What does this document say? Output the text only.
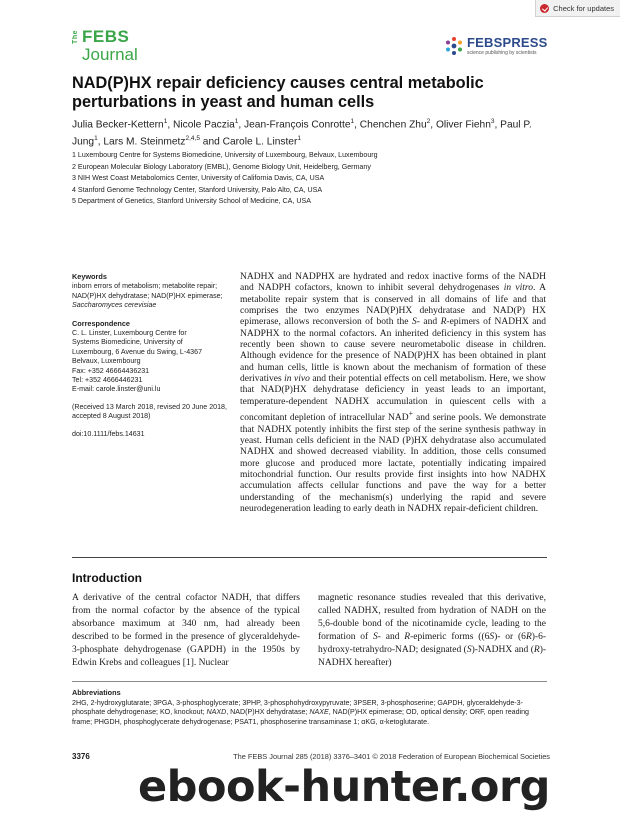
Check for updates
The FEBS
Journal
FEBSPRESS
science publishing by scientists
NAD(P)HX repair deficiency causes central metabolic perturbations in yeast and human cells
Julia Becker-Kettern$^1$, Nicole Paczia$^1$, Jean-François Conrotte$^1$, Chenchen Zhu$^2$, Oliver Fiehn$^3$, Paul P. Jung$^1$, Lars M. Steinmetz$^{2,4,5}$ and Carole L. Linster$^1$
1 Luxembourg Centre for Systems Biomedicine, University of Luxembourg, Belvaux, Luxembourg
2 European Molecular Biology Laboratory (EMBL), Genome Biology Unit, Heidelberg, Germany
3 NIH West Coast Metabolomics Center, University of California Davis, CA, USA
4 Stanford Genome Technology Center, Stanford University, Palo Alto, CA, USA
5 Department of Genetics, Stanford University School of Medicine, CA, USA
Keywords

inborn errors of metabolism; metabolite repair; NAD(P)HX dehydratase; NAD(P)HX epimerase; Saccharomyces cerevisiae

Correspondence
C. L. Linster, Luxembourg Centre for
Systems Biomedicine, University of
Luxembourg, 6 Avenue du Swing, L-4367
Belvaux, Luxembourg
Fax: +352 46664436231
Tel: +352 4666446231
E-mail: carole.linster@uni.lu

(Received 13 March 2018, revised 20 June 2018, accepted 8 August 2018)

doi:10.1111/febs.14631

NADHX and NADPHX are hydrated and redox inactive forms of the NADH and NADPH cofactors, known to inhibit several dehydrogenases in vitro. A metabolite repair system that is conserved in all domains of life and that comprises the two enzymes NAD(P)HX dehydratase and NAD(P) HX epimerase, allows reconversion of both the S- and R-epimers of NADHX and NADPHX to the normal cofactors. An inherited deficiency in this system has recently been shown to cause severe neurometabolic disease in children. Although evidence for the presence of NAD(P)HX has been obtained in plant and human cells, little is known about the mechanism of formation of these derivatives in vivo and their potential effects on cell metabolism. Here, we show that NAD(P)HX dehydratase deficiency in yeast leads to an important, temperature-dependent NADHX accumulation in quiescent cells with a concomitant depletion of intracellular NAD+ and serine pools. We demonstrate that NADHX potently inhibits the first step of the serine synthesis pathway in yeast. Human cells deficient in the NAD (P)HX dehydratase also accumulated NADHX and showed decreased viability. In addition, those cells consumed more glucose and produced more lactate, potentially indicating impaired mitochondrial function. Our results provide first insights into how NADHX accumulation affects cellular functions and pave the way for a better understanding of the mechanism(s) underlying the rapid and severe neurodegeneration leading to early death in NADHX repair-deficient children.

Introduction

A derivative of the central cofactor NADH, that differs from the normal cofactor by the absence of the typical absorbance maximum at 340 nm, had already been described to be formed in the presence of glyceraldehyde-3-phosphate dehydrogenase (GAPDH) in the 1950s by Edwin Krebs and colleagues [1]. Nuclear

magnetic resonance studies revealed that this derivative, called NADHX, resulted from hydration of NADH on the 5,6-double bond of the nicotinamide cycle, leading to the formation of S- and R-epimeric forms ((6S)- or (6R)-6-hydroxy-tetrahydro-NAD; designated (S)-NADHX and (R)-NADHX hereafter)

Abbreviations

2HG, 2-hydroxyglutarate; 3PGA, 3-phosphoglycerate; 3PHP, 3-phosphohydroxypyruvate; 3PSER, 3-phosphoserine; GAPDH, glyceraldehyde-3-phosphate dehydrogenase; KO, knockout; NAXD, NAD(P)HX dehydratase; NAXE, NAD(P)HX epimerase; OD, optical density; ORF, open reading frame; PHGDH, phosphoglycerate dehydrogenase; PSAT1, phosphoserine transaminase 1; αKG, α-ketoglutarate.

3376	The FEBS Journal 285 (2018) 3376–3401 © 2018 Federation of European Biochemical Societies
ebook-hunter.org
